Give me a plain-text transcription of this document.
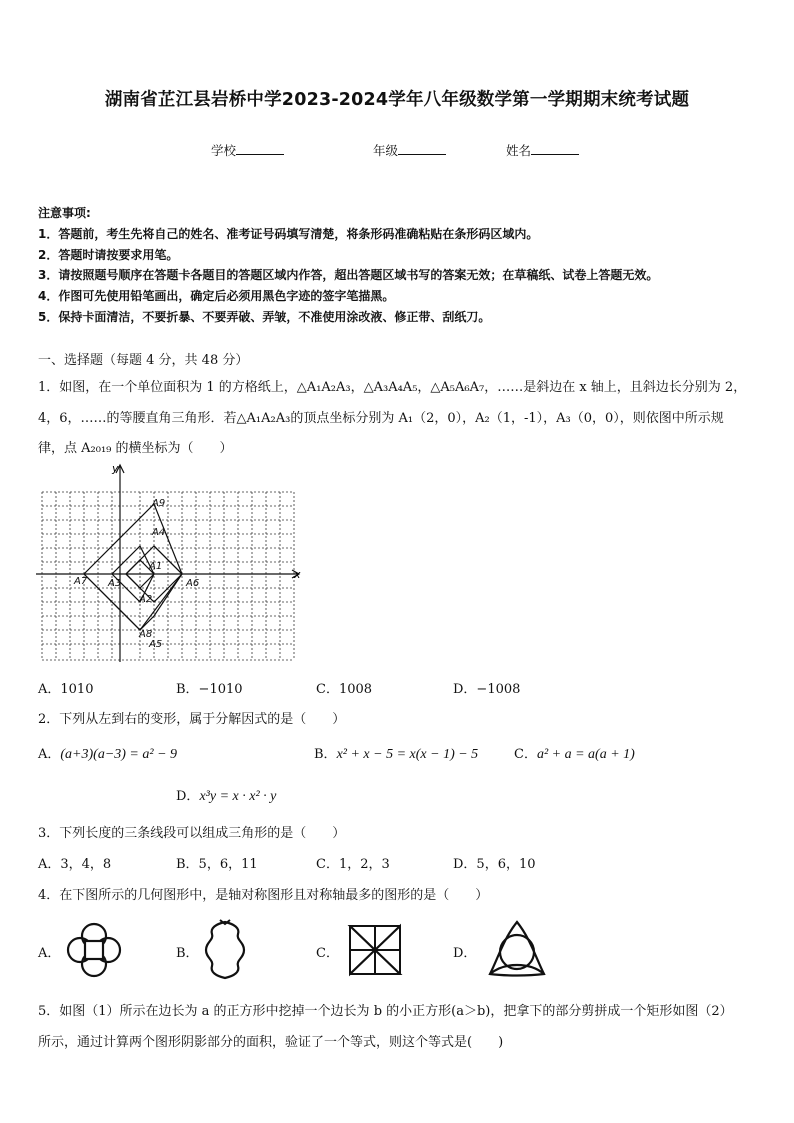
湖南省芷江县岩桥中学2023-2024学年八年级数学第一学期期末统考试题
学校	年级	姓名
注意事项:
1．答题前，考生先将自己的姓名、准考证号码填写清楚，将条形码准确粘贴在条形码区域内。
2．答题时请按要求用笔。
3．请按照题号顺序在答题卡各题目的答题区域内作答，超出答题区域书写的答案无效；在草稿纸、试卷上答题无效。
4．作图可先使用铅笔画出，确定后必须用黑色字迹的签字笔描黑。
5．保持卡面清洁，不要折暴、不要弄破、弄皱，不准使用涂改液、修正带、刮纸刀。
一、选择题（每题 4 分，共 48 分）
1．如图，在一个单位面积为 1 的方格纸上，△A₁A₂A₃，△A₃A₄A₅，△A₅A₆A₇，……是斜边在 x 轴上，且斜边长分别为 2，
4，6，……的等腰直角三角形．若△A₁A₂A₃的顶点坐标分别为 A₁（2，0），A₂（1，-1），A₃（0，0），则依图中所示规
律，点 A₂₀₁₉ 的横坐标为（　　）
x
y
A9
A4
A1
A7 A3	A6
A2
A8
A5
A．1010	B．−1010	C．1008	D．−1008
2．下列从左到右的变形，属于分解因式的是（　　）
A．(a+3)(a−3) = a² − 9	B．x² + x − 5 = x(x − 1) − 5	C．a² + a = a(a + 1)
D．x³y = x · x² · y
3．下列长度的三条线段可以组成三角形的是（　　）
A．3，4，8	B．5，6，11	C．1，2，3	D．5，6，10
4．在下图所示的几何图形中，是轴对称图形且对称轴最多的图形的是（　　）
A．	B．	C．	D．
5．如图（1）所示在边长为 a 的正方形中挖掉一个边长为 b 的小正方形(a＞b)，把拿下的部分剪拼成一个矩形如图（2）
所示，通过计算两个图形阴影部分的面积，验证了一个等式，则这个等式是(　　)
